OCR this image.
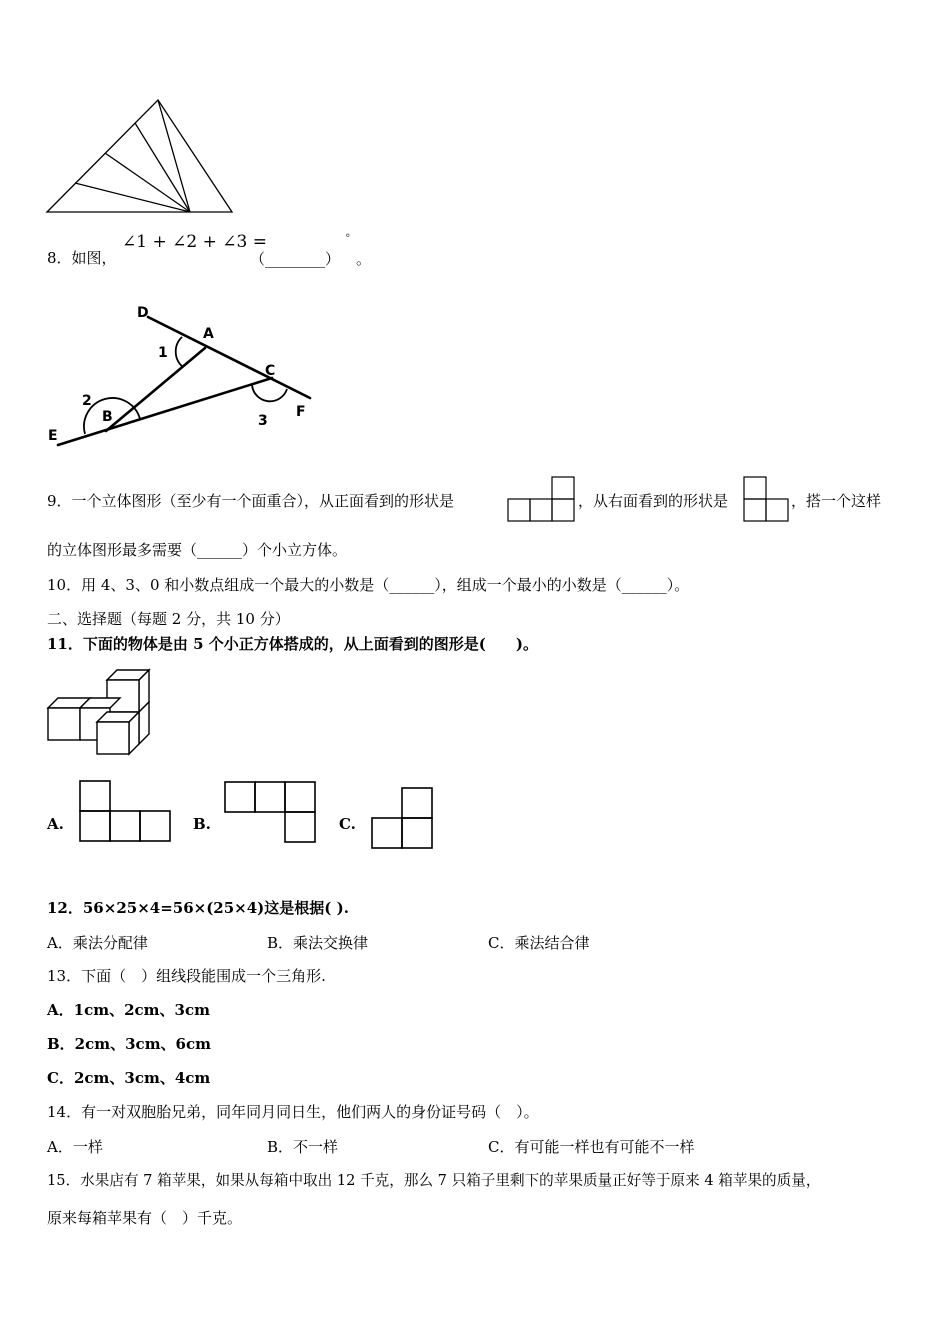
8．如图，
∠1 + ∠2 + ∠3 =
（________）
°
。
D
A
C
B
E
F
1
2
3
9．一个立体图形（至少有一个面重合），从正面看到的形状是	，从右面看到的形状是	，搭一个这样
的立体图形最多需要（______）个小立方体。
10．用 4、3、0 和小数点组成一个最大的小数是（______），组成一个最小的小数是（______）。
二、选择题（每题 2 分，共 10 分）
11．下面的物体是由 5 个小正方体搭成的，从上面看到的图形是(　　)。
A.	B.	C.
12．56×25×4=56×(25×4)这是根据( ).
A．乘法分配律	B．乘法交换律	C．乘法结合律
13．下面（　）组线段能围成一个三角形.
A．1cm、2cm、3cm
B．2cm、3cm、6cm
C．2cm、3cm、4cm
14．有一对双胞胎兄弟，同年同月同日生，他们两人的身份证号码（　）。
A．一样	B．不一样	C．有可能一样也有可能不一样
15．水果店有 7 箱苹果，如果从每箱中取出 12 千克，那么 7 只箱子里剩下的苹果质量正好等于原来 4 箱苹果的质量，
原来每箱苹果有（　）千克。
